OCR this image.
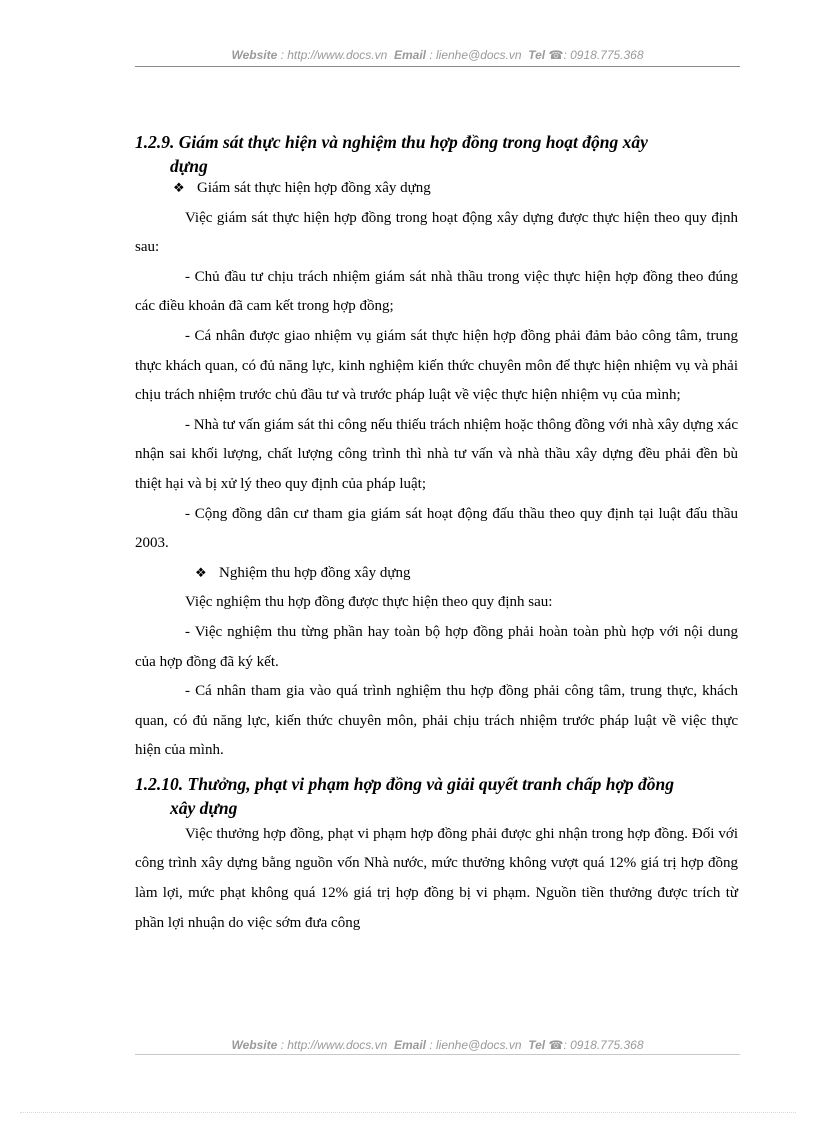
Website : http://www.docs.vn  Email : lienhe@docs.vn  Tel ☎: 0918.775.368
1.2.9. Giám sát thực hiện và nghiệm thu hợp đồng trong hoạt động xây
dựng
❖ Giám sát thực hiện hợp đồng xây dựng

Việc giám sát thực hiện hợp đồng trong hoạt động xây dựng được thực hiện theo quy định sau:

- Chủ đầu tư chịu trách nhiệm giám sát nhà thầu trong việc thực hiện hợp đồng theo đúng các điều khoản đã cam kết trong hợp đồng;

- Cá nhân được giao nhiệm vụ giám sát thực hiện hợp đồng phải đảm bảo công tâm, trung thực khách quan, có đủ năng lực, kinh nghiệm kiến thức chuyên môn để thực hiện nhiệm vụ và phải chịu trách nhiệm trước chủ đầu tư và trước pháp luật về việc thực hiện nhiệm vụ của mình;

- Nhà tư vấn giám sát thi công nếu thiếu trách nhiệm hoặc thông đồng với nhà xây dựng xác nhận sai khối lượng, chất lượng công trình thì nhà tư vấn và nhà thầu xây dựng đều phải đền bù thiệt hại và bị xử lý theo quy định của pháp luật;

- Cộng đồng dân cư tham gia giám sát hoạt động đấu thầu theo quy định tại luật đấu thầu 2003.

❖ Nghiệm thu hợp đồng xây dựng

Việc nghiệm thu hợp đồng được thực hiện theo quy định sau:

- Việc nghiệm thu từng phần hay toàn bộ hợp đồng phải hoàn toàn phù hợp với nội dung của hợp đồng đã ký kết.

- Cá nhân tham gia vào quá trình nghiệm thu hợp đồng phải công tâm, trung thực, khách quan, có đủ năng lực, kiến thức chuyên môn, phải chịu trách nhiệm trước pháp luật về việc thực hiện của mình.

1.2.10. Thưởng, phạt vi phạm hợp đồng và giải quyết tranh chấp hợp đồng
xây dựng

Việc thưởng hợp đồng, phạt vi phạm hợp đồng phải được ghi nhận trong hợp đồng. Đối với công trình xây dựng bằng nguồn vốn Nhà nước, mức thưởng không vượt quá 12% giá trị hợp đồng làm lợi, mức phạt không quá 12% giá trị hợp đồng bị vi phạm. Nguồn tiền thưởng được trích từ phần lợi nhuận do việc sớm đưa công

Website : http://www.docs.vn  Email : lienhe@docs.vn  Tel ☎: 0918.775.368
